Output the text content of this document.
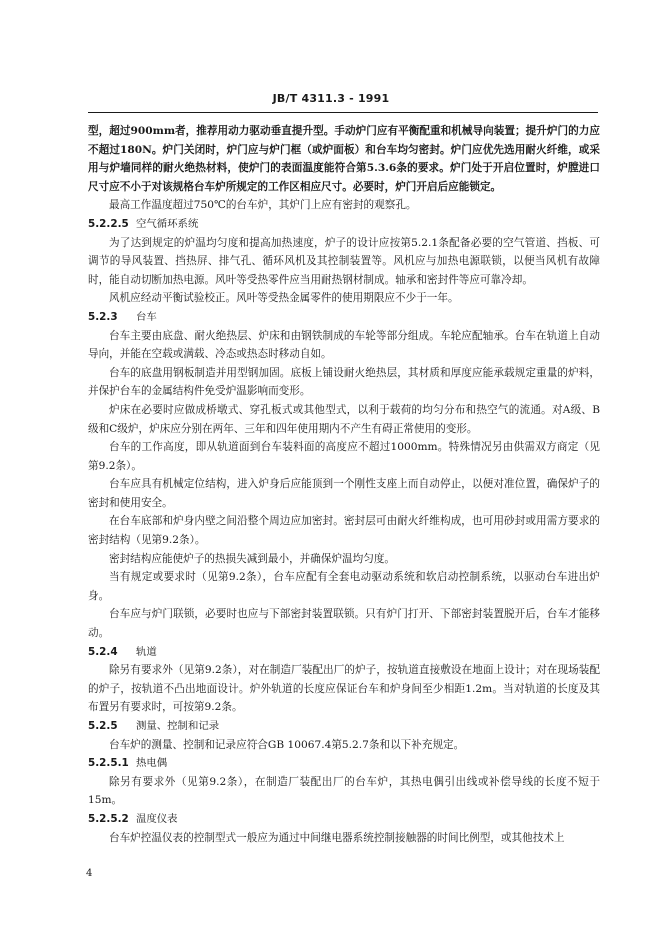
JB/T 4311.3 - 1991

型，超过900mm者，推荐用动力驱动垂直提升型。手动炉门应有平衡配重和机械导向装置；提升炉门的力应不超过180N。炉门关闭时，炉门应与炉门框（或炉面板）和台车均匀密封。炉门应优先选用耐火纤维，或采用与炉墙同样的耐火绝热材料，使炉门的表面温度能符合第5.3.6条的要求。炉门处于开启位置时，炉膛进口尺寸应不小于对该规格台车炉所规定的工作区相应尺寸。必要时，炉门开启后应能锁定。

最高工作温度超过750℃的台车炉，其炉门上应有密封的观察孔。

5.2.2.5 空气循环系统

为了达到规定的炉温均匀度和提高加热速度，炉子的设计应按第5.2.1条配备必要的空气管道、挡板、可调节的导风装置、挡热屏、排气孔、循环风机及其控制装置等。风机应与加热电源联锁，以便当风机有故障时，能自动切断加热电源。风叶等受热零件应当用耐热钢材制成。轴承和密封件等应可靠冷却。

风机应经动平衡试验校正。风叶等受热金属零件的使用期限应不少于一年。

5.2.3 台车

台车主要由底盘、耐火绝热层、炉床和由钢铁制成的车轮等部分组成。车轮应配轴承。台车在轨道上自动导向，并能在空载或满载、冷态或热态时移动自如。

台车的底盘用钢板制造并用型钢加固。底板上铺设耐火绝热层，其材质和厚度应能承载规定重量的炉料，并保护台车的金属结构件免受炉温影响而变形。

炉床在必要时应做成桥墩式、穿孔板式或其他型式，以利于载荷的均匀分布和热空气的流通。对A级、B级和C级炉，炉床应分别在两年、三年和四年使用期内不产生有碍正常使用的变形。

台车的工作高度，即从轨道面到台车装料面的高度应不超过1000mm。特殊情况另由供需双方商定（见第9.2条）。

台车应具有机械定位结构，进入炉身后应能顶到一个刚性支座上而自动停止，以便对准位置，确保炉子的密封和使用安全。

在台车底部和炉身内壁之间沿整个周边应加密封。密封层可由耐火纤维构成，也可用砂封或用需方要求的密封结构（见第9.2条）。

密封结构应能使炉子的热损失减到最小，并确保炉温均匀度。

当有规定或要求时（见第9.2条），台车应配有全套电动驱动系统和软启动控制系统，以驱动台车进出炉身。

台车应与炉门联锁，必要时也应与下部密封装置联锁。只有炉门打开、下部密封装置脱开后，台车才能移动。

5.2.4 轨道

除另有要求外（见第9.2条），对在制造厂装配出厂的炉子，按轨道直接敷设在地面上设计；对在现场装配的炉子，按轨道不凸出地面设计。炉外轨道的长度应保证台车和炉身间至少相距1.2m。当对轨道的长度及其布置另有要求时，可按第9.2条。

5.2.5 测量、控制和记录

台车炉的测量、控制和记录应符合GB 10067.4第5.2.7条和以下补充规定。

5.2.5.1 热电偶

除另有要求外（见第9.2条），在制造厂装配出厂的台车炉，其热电偶引出线或补偿导线的长度不短于15m。

5.2.5.2 温度仪表

台车炉控温仪表的控制型式一般应为通过中间继电器系统控制接触器的时间比例型，或其他技术上

4
